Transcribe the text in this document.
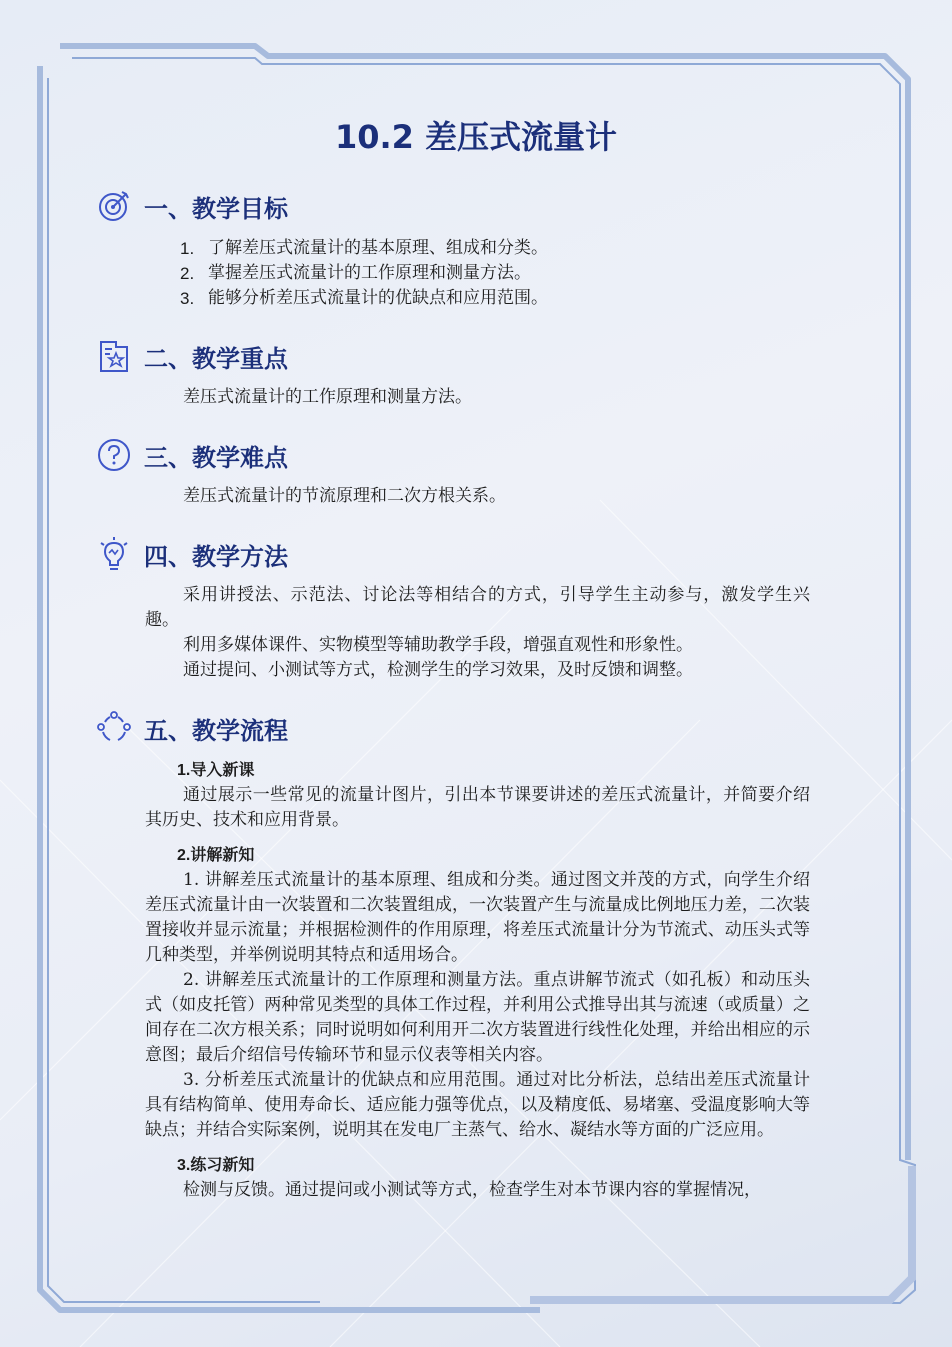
10.2 差压式流量计
一、教学目标
1. 了解差压式流量计的基本原理、组成和分类。
2. 掌握差压式流量计的工作原理和测量方法。
3. 能够分析差压式流量计的优缺点和应用范围。
二、教学重点

差压式流量计的工作原理和测量方法。

三、教学难点

差压式流量计的节流原理和二次方根关系。

四、教学方法

采用讲授法、示范法、讨论法等相结合的方式，引导学生主动参与，激发学生兴趣。

利用多媒体课件、实物模型等辅助教学手段，增强直观性和形象性。

通过提问、小测试等方式，检测学生的学习效果，及时反馈和调整。

五、教学流程

1.导入新课

通过展示一些常见的流量计图片，引出本节课要讲述的差压式流量计，并简要介绍其历史、技术和应用背景。

2.讲解新知

1. 讲解差压式流量计的基本原理、组成和分类。通过图文并茂的方式，向学生介绍差压式流量计由一次装置和二次装置组成，一次装置产生与流量成比例地压力差，二次装置接收并显示流量；并根据检测件的作用原理，将差压式流量计分为节流式、动压头式等几种类型，并举例说明其特点和适用场合。

2. 讲解差压式流量计的工作原理和测量方法。重点讲解节流式（如孔板）和动压头式（如皮托管）两种常见类型的具体工作过程，并利用公式推导出其与流速（或质量）之间存在二次方根关系；同时说明如何利用开二次方装置进行线性化处理，并给出相应的示意图；最后介绍信号传输环节和显示仪表等相关内容。

3. 分析差压式流量计的优缺点和应用范围。通过对比分析法，总结出差压式流量计具有结构简单、使用寿命长、适应能力强等优点，以及精度低、易堵塞、受温度影响大等缺点；并结合实际案例，说明其在发电厂主蒸气、给水、凝结水等方面的广泛应用。

3.练习新知

检测与反馈。通过提问或小测试等方式，检查学生对本节课内容的掌握情况，
